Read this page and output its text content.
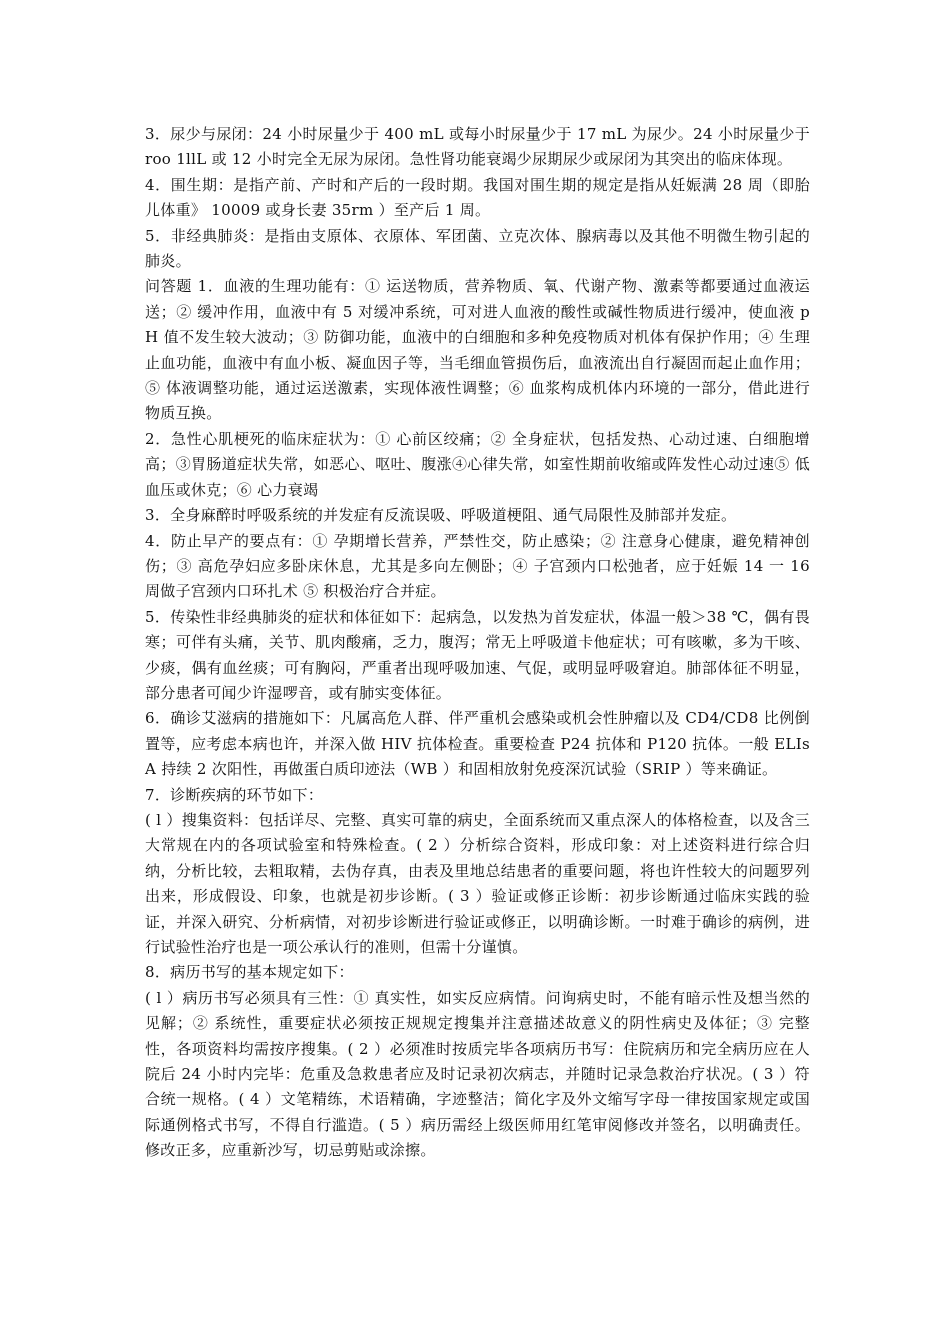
3．尿少与尿闭：24 小时尿量少于 400 mL 或每小时尿量少于 17 mL 为尿少。24 小时尿量少于 roo 1llL 或 12 小时完全无尿为尿闭。急性肾功能衰竭少尿期尿少或尿闭为其突出的临床体现。

4．围生期：是指产前、产时和产后的一段时期。我国对围生期的规定是指从妊娠满 28 周（即胎儿体重》 10009 或身长妻 35rm ）至产后 1 周。

5．非经典肺炎：是指由支原体、衣原体、军团菌、立克次体、腺病毒以及其他不明微生物引起的肺炎。

问答题 1．血液的生理功能有：① 运送物质，营养物质、氧、代谢产物、激素等都要通过血液运送；② 缓冲作用，血液中有 5 对缓冲系统，可对进人血液的酸性或碱性物质进行缓冲，使血液 pH 值不发生较大波动；③ 防御功能，血液中的白细胞和多种免疫物质对机体有保护作用；④ 生理止血功能，血液中有血小板、凝血因子等，当毛细血管损伤后，血液流出自行凝固而起止血作用；⑤ 体液调整功能，通过运送激素，实现体液性调整；⑥ 血浆构成机体内环境的一部分，借此进行物质互换。

2．急性心肌梗死的临床症状为：① 心前区绞痛；② 全身症状，包括发热、心动过速、白细胞增高；③胃肠道症状失常，如恶心、呕吐、腹涨④心律失常，如室性期前收缩或阵发性心动过速⑤ 低血压或休克；⑥ 心力衰竭

3．全身麻醉时呼吸系统的并发症有反流误吸、呼吸道梗阻、通气局限性及肺部并发症。

4．防止早产的要点有：① 孕期增长营养，严禁性交，防止感染；② 注意身心健康，避免精神创伤；③ 高危孕妇应多卧床休息，尤其是多向左侧卧；④ 子宫颈内口松弛者，应于妊娠 14 一 16 周做子宫颈内口环扎术 ⑤ 积极治疗合并症。

5．传染性非经典肺炎的症状和体征如下：起病急，以发热为首发症状，体温一般＞38 ℃，偶有畏寒；可伴有头痛，关节、肌肉酸痛，乏力，腹泻；常无上呼吸道卡他症状；可有咳嗽，多为干咳、少痰，偶有血丝痰；可有胸闷，严重者出现呼吸加速、气促，或明显呼吸窘迫。肺部体征不明显，部分患者可闻少许湿啰音，或有肺实变体征。

6．确诊艾滋病的措施如下：凡属高危人群、伴严重机会感染或机会性肿瘤以及 CD4/CD8 比例倒置等，应考虑本病也许，并深入做 HIV 抗体检查。重要检查 P24 抗体和 P120 抗体。一般 ELIsA 持续 2 次阳性，再做蛋白质印迹法（WB ）和固相放射免疫深沉试验（SRIP ）等来确证。

7．诊断疾病的环节如下：

( l ）搜集资料：包括详尽、完整、真实可靠的病史，全面系统而又重点深人的体格检查，以及含三大常规在内的各项试验室和特殊检查。( 2 ）分析综合资料，形成印象：对上述资料进行综合归纳，分析比较，去粗取精，去伪存真，由表及里地总结患者的重要问题，将也许性较大的问题罗列出来，形成假设、印象，也就是初步诊断。( 3 ）验证或修正诊断：初步诊断通过临床实践的验证，并深入研究、分析病情，对初步诊断进行验证或修正，以明确诊断。一时难于确诊的病例，进行试验性治疗也是一项公承认行的准则，但需十分谨慎。

8．病历书写的基本规定如下：

( l ）病历书写必须具有三性：① 真实性，如实反应病情。问询病史时，不能有暗示性及想当然的见解；② 系统性，重要症状必须按正规规定搜集并注意描述故意义的阴性病史及体征；③ 完整性，各项资料均需按序搜集。( 2 ）必须准时按质完毕各项病历书写：住院病历和完全病历应在人院后 24 小时内完毕：危重及急救患者应及时记录初次病志，并随时记录急救治疗状况。( 3 ）符合统一规格。( 4 ）文笔精练，术语精确，字迹整洁；简化字及外文缩写字母一律按国家规定或国际通例格式书写，不得自行滥造。( 5 ）病历需经上级医师用红笔审阅修改并签名，以明确责任。修改正多，应重新沙写，切忌剪贴或涂擦。
